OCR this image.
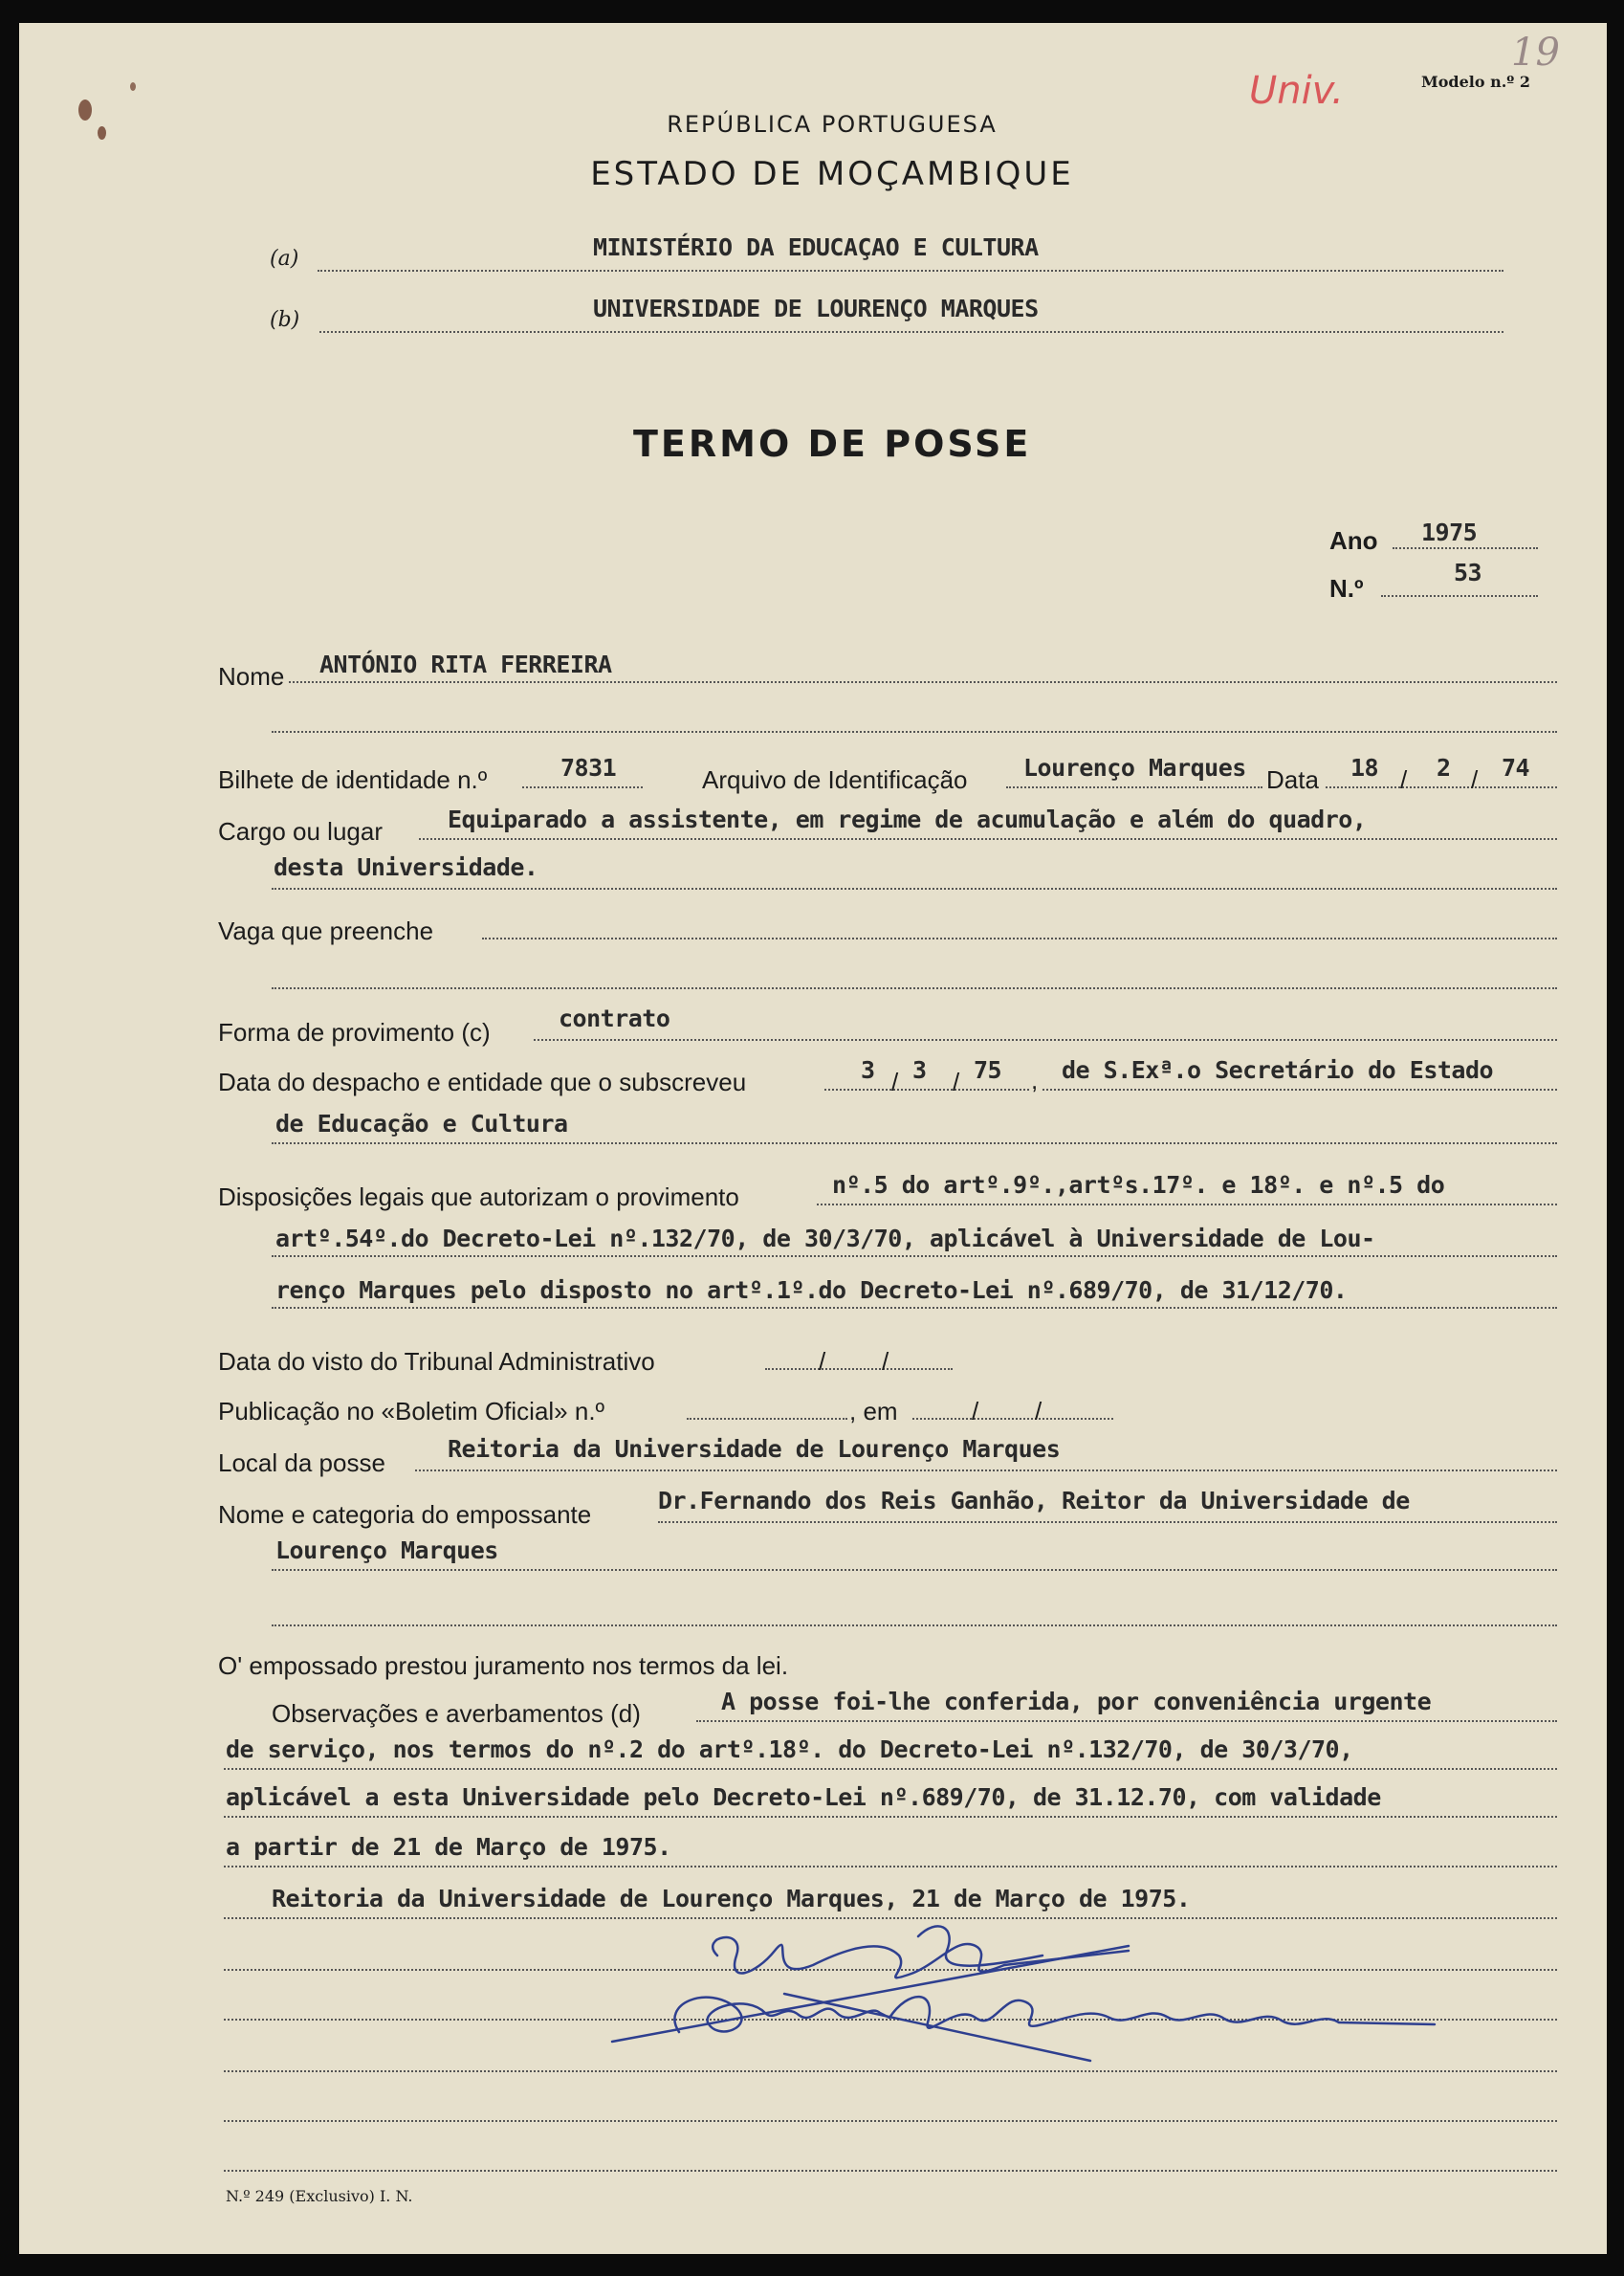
19
Univ.	Modelo n.º 2
REPÚBLICA PORTUGUESA
ESTADO DE MOÇAMBIQUE
(a)	MINISTÉRIO DA EDUCAÇAO E CULTURA
(b)	UNIVERSIDADE DE LOURENÇO MARQUES
TERMO DE POSSE
Ano 1975
N.º
53
Nome ANTÓNIO RITA FERREIRA
Bilhete de identidade n.º	7831	Arquivo de Identificação Lourenço Marques Data 18 / 2 / 74
Cargo ou lugar	Equiparado a assistente, em regime de acumulação e além do quadro,
desta Universidade.
Vaga que preenche
Forma de provimento (c)	contrato
Data do despacho e entidade que o subscreveu	3 / 3 / 75 , de S.Exª.o Secretário do Estado
de Educação e Cultura
Disposições legais que autorizam o provimento	nº.5 do artº.9º.,artºs.17º. e 18º. e nº.5 do
artº.54º.do Decreto-Lei nº.132/70, de 30/3/70, aplicável à Universidade de Lou-
renço Marques pelo disposto no artº.1º.do Decreto-Lei nº.689/70, de 31/12/70.
Data do visto do Tribunal Administrativo	/ /
Publicação no «Boletim Oficial» n.º	, em	/ /
Local da posse	Reitoria da Universidade de Lourenço Marques
Nome e categoria do empossante	Dr.Fernando dos Reis Ganhão, Reitor da Universidade de
Lourenço Marques
O' empossado prestou juramento nos termos da lei.
Observações e averbamentos (d)	A posse foi-lhe conferida, por conveniência urgente
de serviço, nos termos do nº.2 do artº.18º. do Decreto-Lei nº.132/70, de 30/3/70,
aplicável a esta Universidade pelo Decreto-Lei nº.689/70, de 31.12.70, com validade
a partir de 21 de Março de 1975.
Reitoria da Universidade de Lourenço Marques, 21 de Março de 1975.
N.º 249 (Exclusivo) I. N.
